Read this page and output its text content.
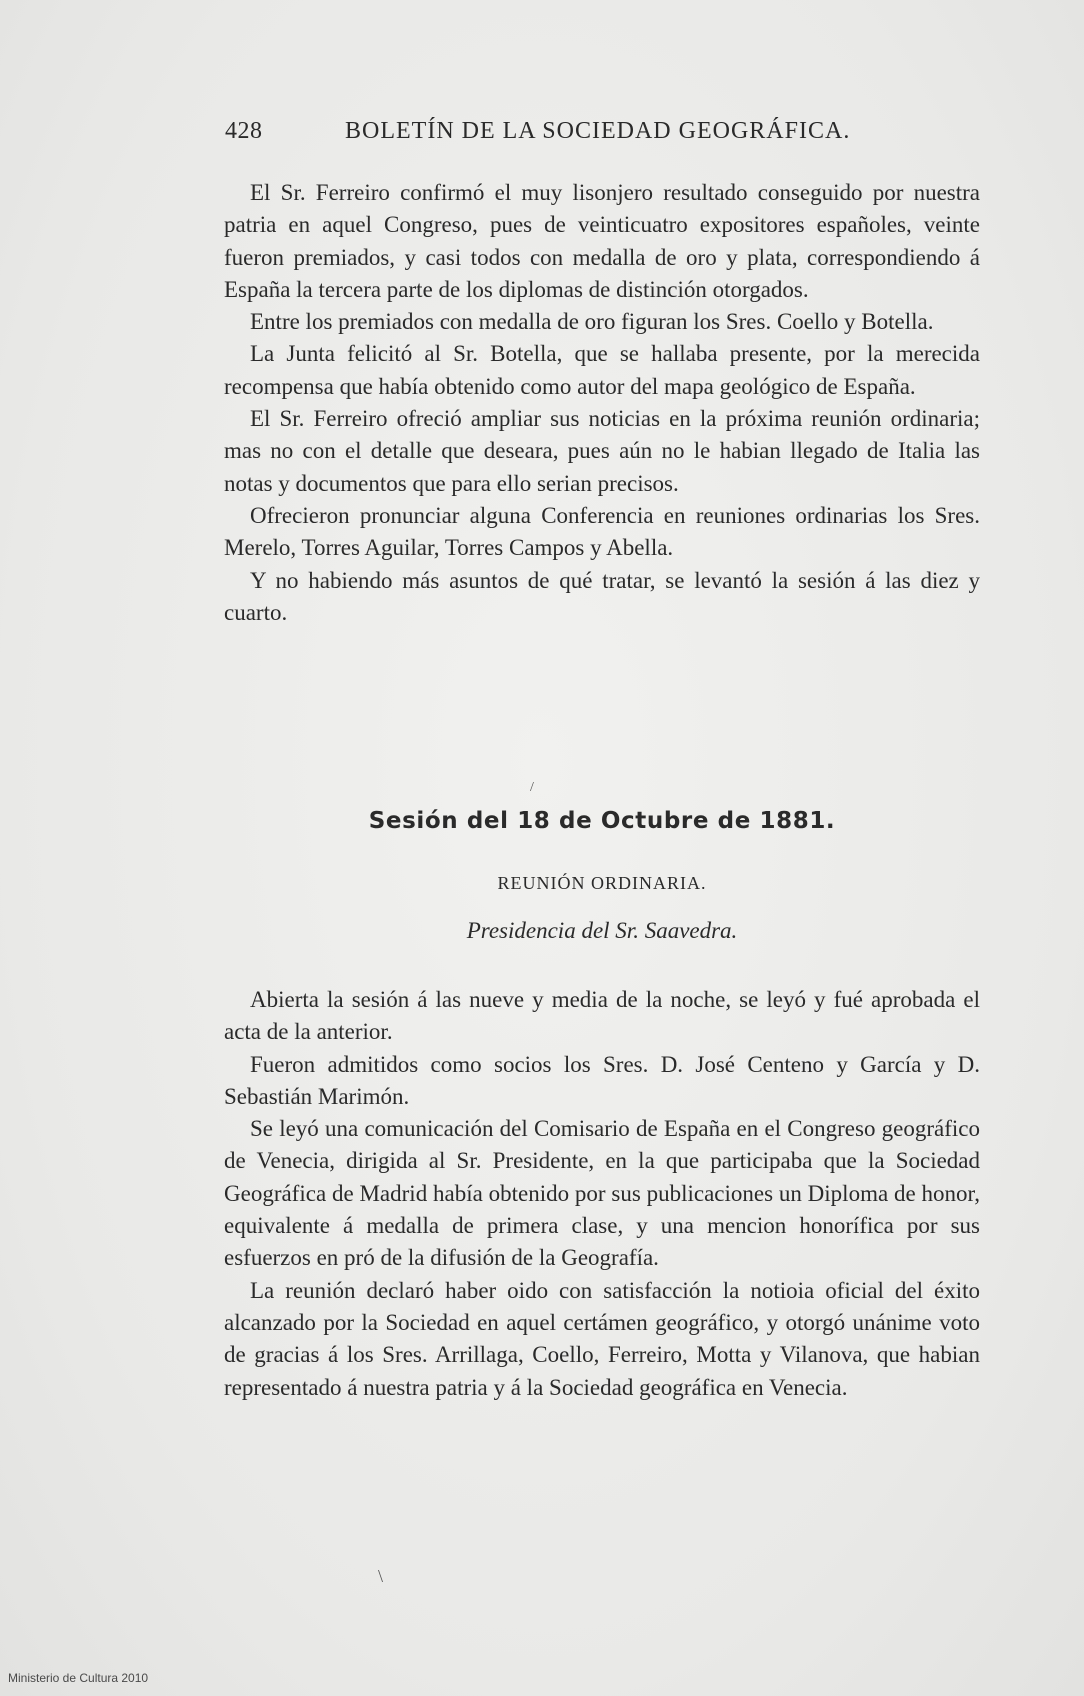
428	BOLETÍN DE LA SOCIEDAD GEOGRÁFICA.

El Sr. Ferreiro confirmó el muy lisonjero resultado conseguido por nuestra patria en aquel Congreso, pues de veinticuatro expositores españoles, veinte fueron premiados, y casi todos con medalla de oro y plata, correspondiendo á España la tercera parte de los diplomas de distinción otorgados.

Entre los premiados con medalla de oro figuran los Sres. Coello y Botella.

La Junta felicitó al Sr. Botella, que se hallaba presente, por la merecida recompensa que había obtenido como autor del mapa geológico de España.

El Sr. Ferreiro ofreció ampliar sus noticias en la próxima reunión ordinaria; mas no con el detalle que deseara, pues aún no le habian llegado de Italia las notas y documentos que para ello serian precisos.

Ofrecieron pronunciar alguna Conferencia en reuniones ordinarias los Sres. Merelo, Torres Aguilar, Torres Campos y Abella.

Y no habiendo más asuntos de qué tratar, se levantó la sesión á las diez y cuarto.

Sesión del 18 de Octubre de 1881.
REUNIÓN ORDINARIA.
Presidencia del Sr. Saavedra.

Abierta la sesión á las nueve y media de la noche, se leyó y fué aprobada el acta de la anterior.

Fueron admitidos como socios los Sres. D. José Centeno y García y D. Sebastián Marimón.

Se leyó una comunicación del Comisario de España en el Congreso geográfico de Venecia, dirigida al Sr. Presidente, en la que participaba que la Sociedad Geográfica de Madrid había obtenido por sus publicaciones un Diploma de honor, equivalente á medalla de primera clase, y una mencion honorífica por sus esfuerzos en pró de la difusión de la Geografía.

La reunión declaró haber oido con satisfacción la notioia oficial del éxito alcanzado por la Sociedad en aquel certámen geográfico, y otorgó unánime voto de gracias á los Sres. Arrillaga, Coello, Ferreiro, Motta y Vilanova, que habian representado á nuestra patria y á la Sociedad geográfica en Venecia.

\
/
Ministerio de Cultura 2010
